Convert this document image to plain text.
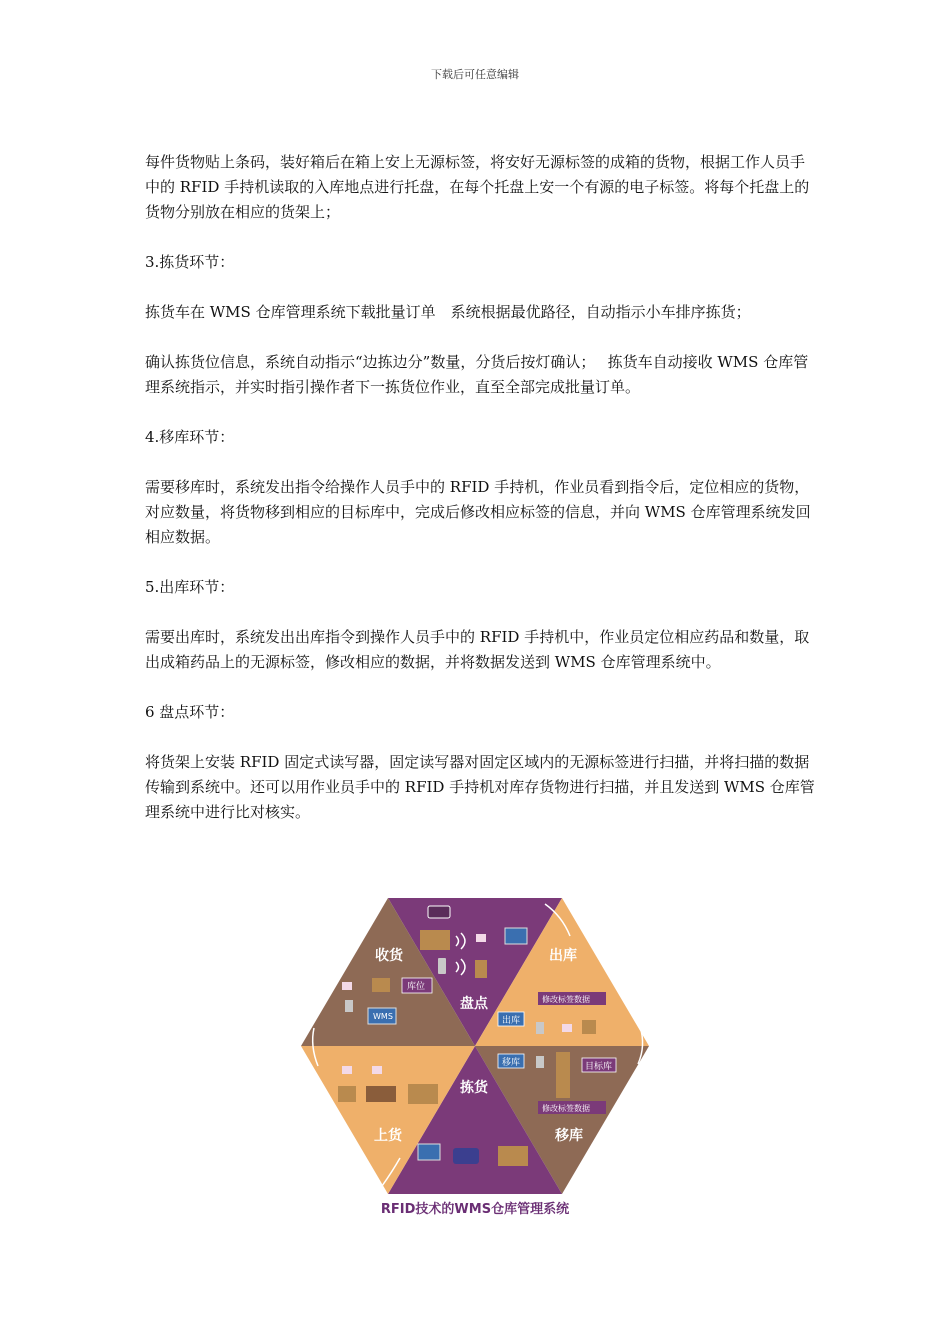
下载后可任意编辑

每件货物贴上条码，装好箱后在箱上安上无源标签，将安好无源标签的成箱的货物，根据工作人员手中的 RFID 手持机读取的入库地点进行托盘，在每个托盘上安一个有源的电子标签。将每个托盘上的货物分别放在相应的货架上；

3.拣货环节：

拣货车在 WMS 仓库管理系统下载批量订单　系统根据最优路径，自动指示小车排序拣货；

确认拣货位信息，系统自动指示“边拣边分”数量，分货后按灯确认；　 拣货车自动接收 WMS 仓库管理系统指示，并实时指引操作者下一拣货位作业，直至全部完成批量订单。

4.移库环节：

需要移库时，系统发出指令给操作人员手中的 RFID 手持机，作业员看到指令后，定位相应的货物，对应数量，将货物移到相应的目标库中，完成后修改相应标签的信息，并向 WMS 仓库管理系统发回相应数据。

5.出库环节：

需要出库时，系统发出出库指令到操作人员手中的 RFID 手持机中，作业员定位相应药品和数量，取出成箱药品上的无源标签，修改相应的数据，并将数据发送到 WMS 仓库管理系统中。

6 盘点环节：

将货架上安装 RFID 固定式读写器，固定读写器对固定区域内的无源标签进行扫描，并将扫描的数据传输到系统中。还可以用作业员手中的 RFID 手持机对库存货物进行扫描，并且发送到 WMS 仓库管理系统中进行比对核实。

盘点
收货
库位
WMS
出库
修改标签数据
出库
上货
拣货
移库	目标库
修改标签数据
移库
RFID技术的WMS仓库管理系统
